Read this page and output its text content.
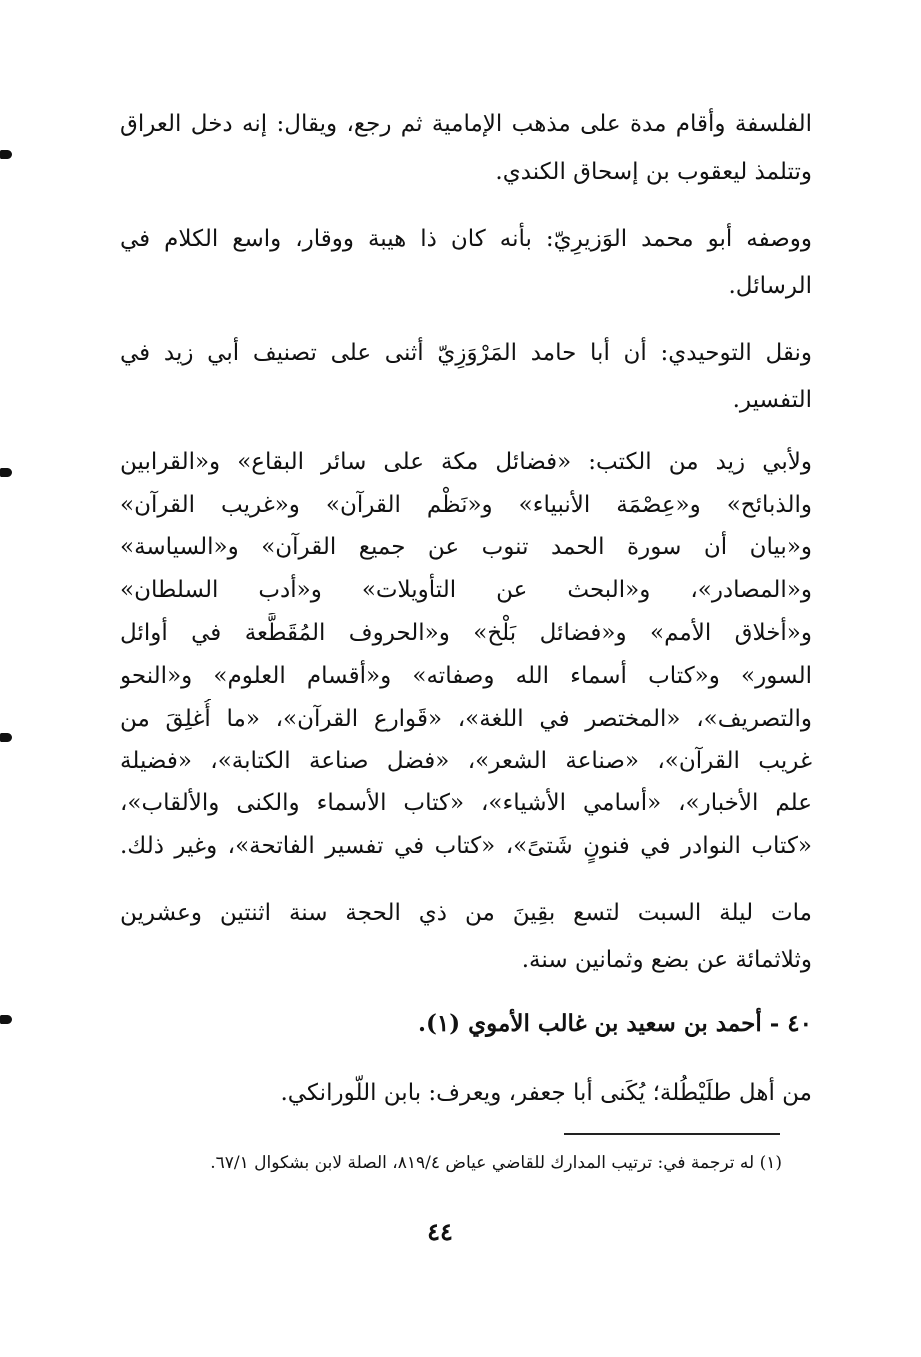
الفلسفة وأقام مدة على مذهب الإمامية ثم رجع، ويقال: إنه دخل العراق
وتتلمذ ليعقوب بن إسحاق الكندي.
ووصفه أبو محمد الوَزيرِيّ: بأنه كان ذا هيبة ووقار، واسع الكلام في
الرسائل.
ونقل التوحيدي: أن أبا حامد المَرْوَزِيّ أثنى على تصنيف أبي زيد في
التفسير.
ولأبي زيد من الكتب: «فضائل مكة على سائر البقاع» و«القرابين
والذبائح» و«عِصْمَة الأنبياء» و«نَظْم القرآن» و«غريب القرآن»
و«بيان أن سورة الحمد تنوب عن جميع القرآن» و«السياسة»
و«المصادر»، و«البحث عن التأويلات» و«أدب السلطان»
و«أخلاق الأمم» و«فضائل بَلْخ» و«الحروف المُقَطَّعة في أوائل
السور» و«كتاب أسماء الله وصفاته» و«أقسام العلوم» و«النحو
والتصريف»، «المختصر في اللغة»، «قَوارع القرآن»، «ما أُغلِقَ من
غريب القرآن»، «صناعة الشعر»، «فضل صناعة الكتابة»، «فضيلة
علم الأخبار»، «أسامي الأشياء»، «كتاب الأسماء والكنى والألقاب»،
«كتاب النوادر في فنونٍ شَتىً»، «كتاب في تفسير الفاتحة»، وغير ذلك.
مات ليلة السبت لتسع بقِينَ من ذي الحجة سنة اثنتين وعشرين
وثلاثمائة عن بضع وثمانين سنة.
٤٠ - أحمد بن سعيد بن غالب الأموي (١).
من أهل طلَيْطُلة؛ يُكَنى أبا جعفر، ويعرف: بابن اللّورانكي.
(١) له ترجمة في: ترتيب المدارك للقاضي عياض ٨١٩/٤، الصلة لابن بشكوال ٦٧/١.
٤٤
